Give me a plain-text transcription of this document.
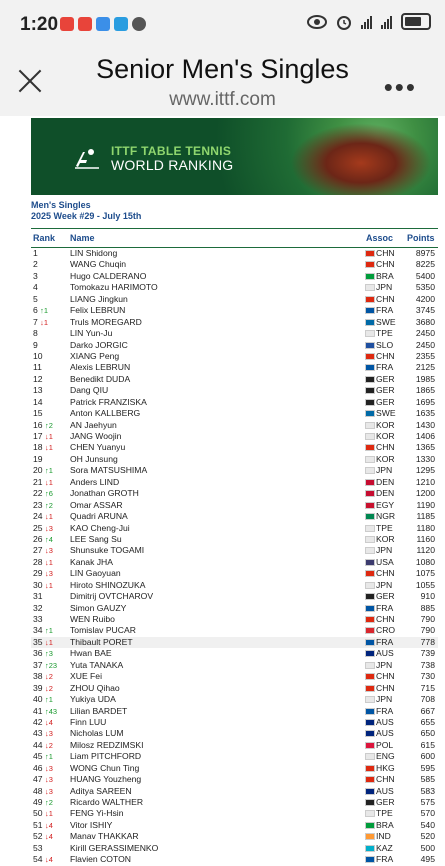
1:20
Senior Men's Singles
www.ittf.com	•••
ITTF TABLE TENNIS
WORLD RANKING
Men's Singles
2025 Week #29 - July 15th
Rank Name	Assoc Points
1	LIN Shidong	CHN	8975
2	WANG Chuqin	CHN	8225
3	Hugo CALDERANO	BRA	5400
4	Tomokazu HARIMOTO	JPN	5350
5	LIANG Jingkun	CHN	4200
6 ↑1	Felix LEBRUN	FRA	3745
7 ↓1	Truls MOREGARD	SWE	3680
8	LIN Yun-Ju	TPE	2450
9	Darko JORGIC	SLO	2450
10	XIANG Peng	CHN	2355
11	Alexis LEBRUN	FRA	2125
12	Benedikt DUDA	GER	1985
13	Dang QIU	GER	1865
14	Patrick FRANZISKA	GER	1695
15	Anton KALLBERG	SWE	1635
16 ↑2 AN Jaehyun	KOR	1430
17 ↓1 JANG Woojin	KOR	1406
18 ↓1 CHEN Yuanyu	CHN	1365
19	OH Junsung	KOR	1330
20 ↑1 Sora MATSUSHIMA	JPN	1295
21 ↓1 Anders LIND	DEN	1210
22 ↑6 Jonathan GROTH	DEN	1200
23 ↑2 Omar ASSAR	EGY	1190
24 ↓1 Quadri ARUNA	NGR	1185
25 ↓3 KAO Cheng-Jui	TPE	1180
26 ↑4 LEE Sang Su	KOR	1160
27 ↓3 Shunsuke TOGAMI	JPN	1120
28 ↓1 Kanak JHA	USA	1080
29 ↓3 LIN Gaoyuan	CHN	1075
30 ↓1 Hiroto SHINOZUKA	JPN	1055
31	Dimitrij OVTCHAROV	GER	910
32	Simon GAUZY	FRA	885
33	WEN Ruibo	CHN	790
34 ↑1 Tomislav PUCAR	CRO	790
35 ↓1 Thibault PORET	FRA	778
36 ↑3 Hwan BAE	AUS	739
37 ↑23 Yuta TANAKA	JPN	738
38 ↓2 XUE Fei	CHN	730
39 ↓2 ZHOU Qihao	CHN	715
40 ↑1 Yukiya UDA	JPN	708
41 ↑43 Lilian BARDET	FRA	667
42 ↓4 Finn LUU	AUS	655
43 ↓3 Nicholas LUM	AUS	650
44 ↓2 Milosz REDZIMSKI	POL	615
45 ↑1 Liam PITCHFORD	ENG	600
46 ↓3 WONG Chun Ting	HKG	595
47 ↓3 HUANG Youzheng	CHN	585
48 ↓3 Aditya SAREEN	AUS	583
49 ↑2 Ricardo WALTHER	GER	575
50 ↓1 FENG Yi-Hsin	TPE	570
51 ↓4 Vitor ISHIY	BRA	540
52 ↓4 Manav THAKKAR	IND	520
53	Kirill GERASSIMENKO	KAZ	500
54 ↓4 Flavien COTON	FRA	495
